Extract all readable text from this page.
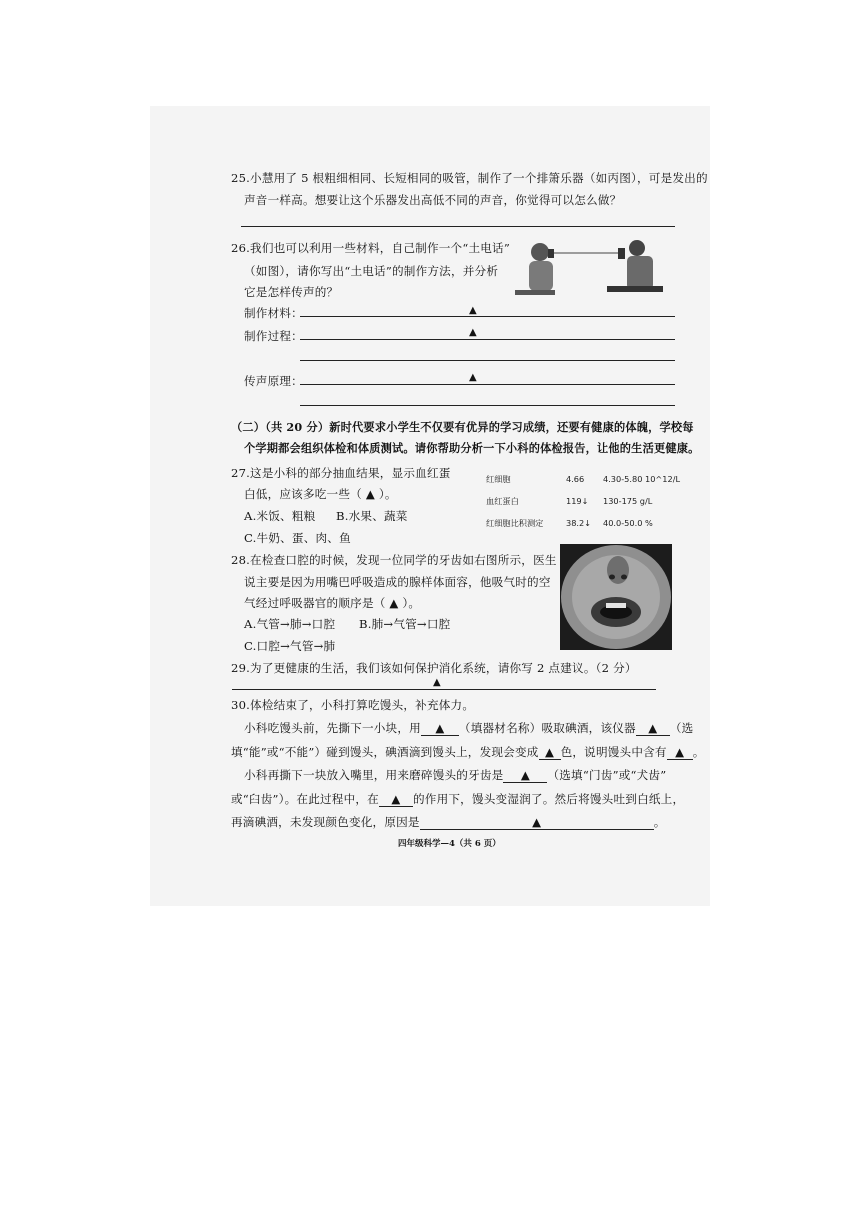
25.小慧用了 5 根粗细相同、长短相同的吸管，制作了一个排箫乐器（如丙图），可是发出的
声音一样高。想要让这个乐器发出高低不同的声音，你觉得可以怎么做？
26.我们也可以利用一些材料，自己制作一个“土电话”
（如图），请你写出“土电话”的制作方法，并分析
它是怎样传声的？
制作材料：	▲
制作过程：	▲
传声原理：	▲
（二）（共 20 分）新时代要求小学生不仅要有优异的学习成绩，还要有健康的体魄，学校每
个学期都会组织体检和体质测试。请你帮助分析一下小科的体检报告，让他的生活更健康。
27.这是小科的部分抽血结果，显示血红蛋
白低，应该多吃一些（ ▲ ）。
A.米饭、粗粮 B.水果、蔬菜
C.牛奶、蛋、肉、鱼
红细胞	4.66 4.30-5.80 10^12/L
血红蛋白	119↓ 130-175 g/L
红细胞比积测定	38.2↓ 40.0-50.0 %
28.在检查口腔的时候，发现一位同学的牙齿如右图所示，医生
说主要是因为用嘴巴呼吸造成的腺样体面容，他吸气时的空
气经过呼吸器官的顺序是（ ▲ ）。
A.气管→肺→口腔 B.肺→气管→口腔
C.口腔→气管→肺
29.为了更健康的生活，我们该如何保护消化系统，请你写 2 点建议。（2 分）
▲
30.体检结束了，小科打算吃馒头，补充体力。
小科吃馒头前，先撕下一小块，用 ▲ （填器材名称）吸取碘酒，该仪器 ▲ （选
填“能”或“不能”）碰到馒头，碘酒滴到馒头上，发现会变成 ▲ 色，说明馒头中含有 ▲ 。
小科再撕下一块放入嘴里，用来磨碎馒头的牙齿是 ▲ （选填“门齿”或“犬齿”
或“臼齿”）。在此过程中，在 ▲ 的作用下，馒头变湿润了。然后将馒头吐到白纸上，
再滴碘酒，未发现颜色变化，原因是	▲	。
四年级科学—4（共 6 页）
